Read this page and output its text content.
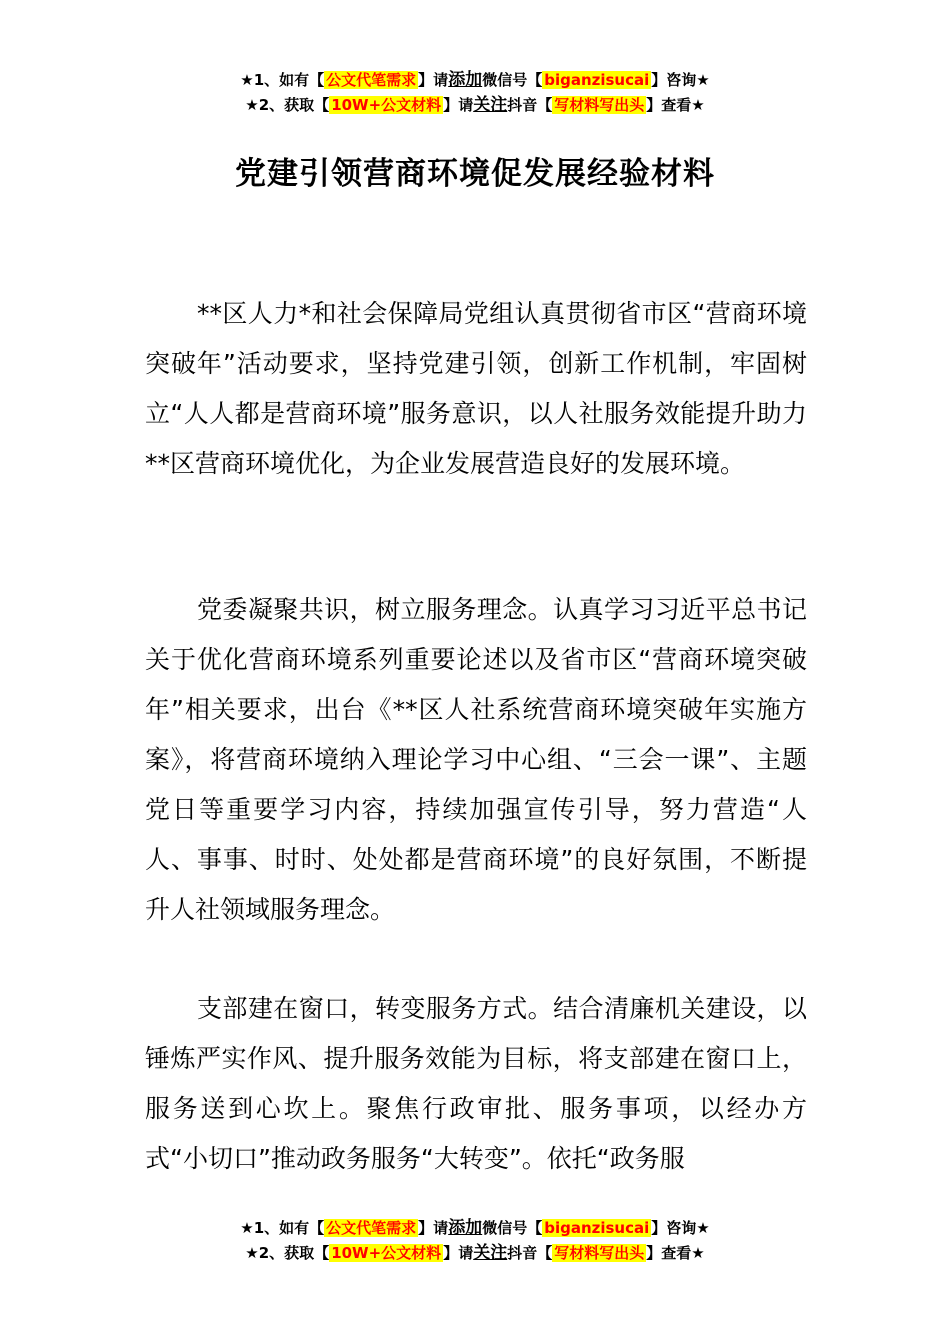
★1、如有【 公文代笔需求 】请添加微信号【 biganzisucai 】咨询★
★2、获取【 10W+公文材料 】请关注抖音【 写材料写出头 】查看★
党建引领营商环境促发展经验材料

**区人力*和社会保障局党组认真贯彻省市区“营商环境突破年”活动要求，坚持党建引领，创新工作机制，牢固树立“人人都是营商环境”服务意识，以人社服务效能提升助力**区营商环境优化，为企业发展营造良好的发展环境。

党委凝聚共识，树立服务理念。认真学习习近平总书记关于优化营商环境系列重要论述以及省市区“营商环境突破年”相关要求，出台《**区人社系统营商环境突破年实施方案》，将营商环境纳入理论学习中心组、“三会一课”、主题党日等重要学习内容，持续加强宣传引导，努力营造“人人、事事、时时、处处都是营商环境”的良好氛围，不断提升人社领域服务理念。

支部建在窗口，转变服务方式。结合清廉机关建设，以锤炼严实作风、提升服务效能为目标，将支部建在窗口上，服务送到心坎上。聚焦行政审批、服务事项，以经办方式“小切口”推动政务服务“大转变”。依托“政务服

★1、如有【 公文代笔需求 】请添加微信号【 biganzisucai 】咨询★
★2、获取【 10W+公文材料 】请关注抖音【 写材料写出头 】查看★
